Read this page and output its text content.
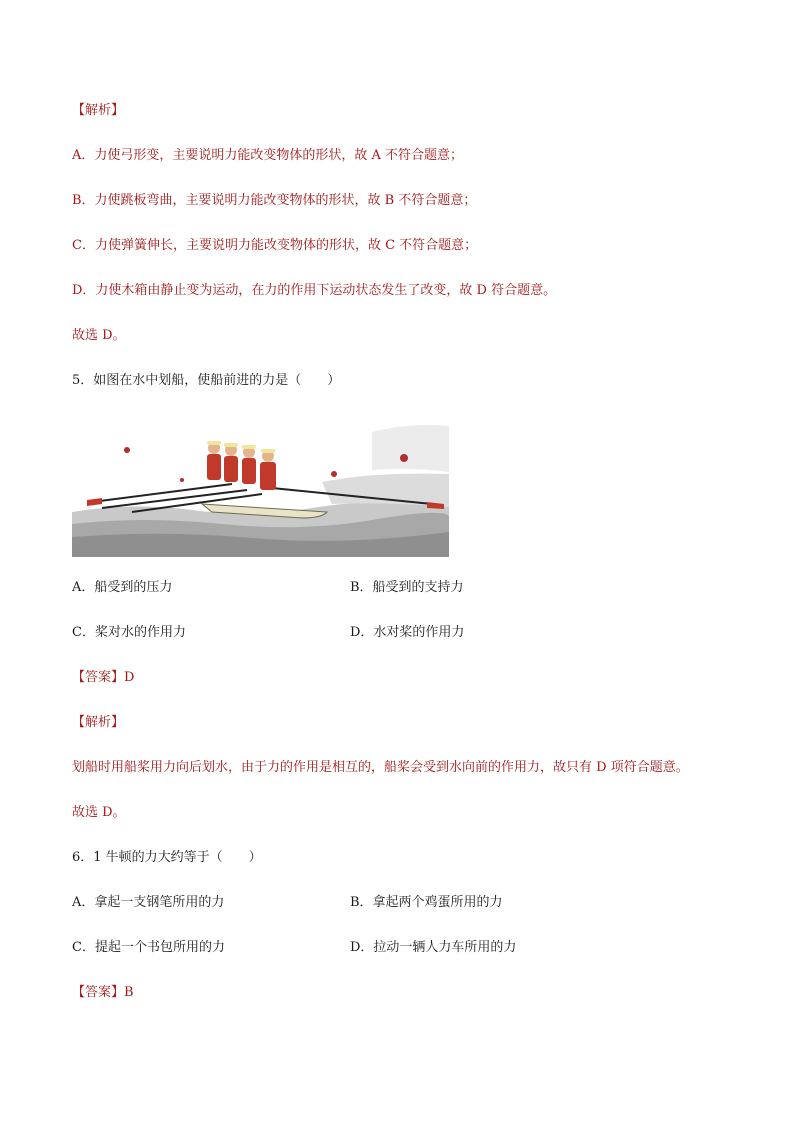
【解析】
A．力使弓形变，主要说明力能改变物体的形状，故 A 不符合题意；
B．力使跳板弯曲，主要说明力能改变物体的形状，故 B 不符合题意；
C．力使弹簧伸长，主要说明力能改变物体的形状，故 C 不符合题意；
D．力使木箱由静止变为运动，在力的作用下运动状态发生了改变，故 D 符合题意。
故选 D。
5．如图在水中划船，使船前进的力是（　　）
A．船受到的压力	B．船受到的支持力
C．桨对水的作用力	D．水对桨的作用力
【答案】D
【解析】
划船时用船桨用力向后划水，由于力的作用是相互的，船桨会受到水向前的作用力，故只有 D 项符合题意。
故选 D。
6．1 牛顿的力大约等于（　　）
A．拿起一支钢笔所用的力	B．拿起两个鸡蛋所用的力
C．提起一个书包所用的力	D．拉动一辆人力车所用的力
【答案】B
